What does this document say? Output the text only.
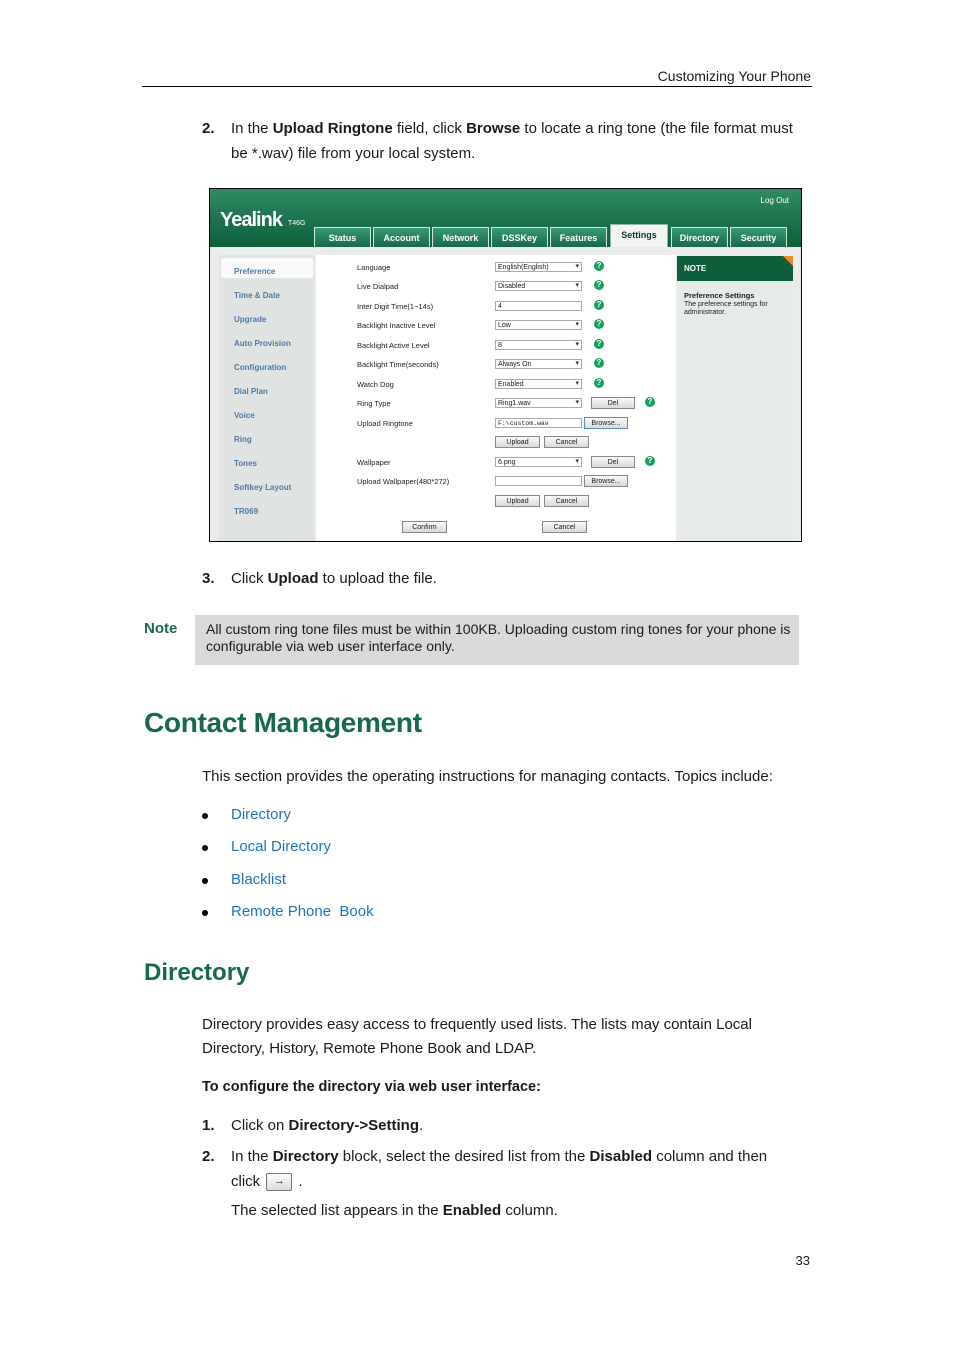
Customizing Your Phone
2. In the Upload Ringtone field, click Browse to locate a ring tone (the file format must
be *.wav) file from your local system.
Yealink T46G
Log Out
Status	Account	Network	DSSKey	Features	Settings	Directory	Security
Preference
Time & Date
Upgrade
Auto Provision
Configuration
Dial Plan
Voice
Ring
Tones
Softkey Layout
TR069
Language	English(English) ▾	?
Live Dialpad	Disabled ▾	?
Inter Digit Time(1~14s)	4	?
Backlight Inactive Level	Low ▾	?
Backlight Active Level	8 ▾	?
Backlight Time(seconds)	Always On ▾	?
Watch Dog	Enabled ▾	?
Ring Type	Ring1.wav ▾	Del	?
Upload Ringtone	F:\custom.wav	Browse...
Upload	Cancel
Wallpaper	6.png ▾	Del	?
Upload Wallpaper(480*272)	Browse...
Upload	Cancel
Confirm	Cancel
NOTE
Preference Settings
The preference settings for administrator.
3. Click Upload to upload the file.
Note All custom ring tone files must be within 100KB. Uploading custom ring tones for your phone is configurable via web user interface only.
Contact Management
This section provides the operating instructions for managing contacts. Topics include:
Directory
Local Directory
Blacklist
Remote Phone  Book
Directory
Directory provides easy access to frequently used lists. The lists may contain Local
Directory, History, Remote Phone Book and LDAP.
To configure the directory via web user interface:
1. Click on Directory->Setting.
2. In the Directory block, select the desired list from the Disabled column and then
click → .
The selected list appears in the Enabled column.
33
